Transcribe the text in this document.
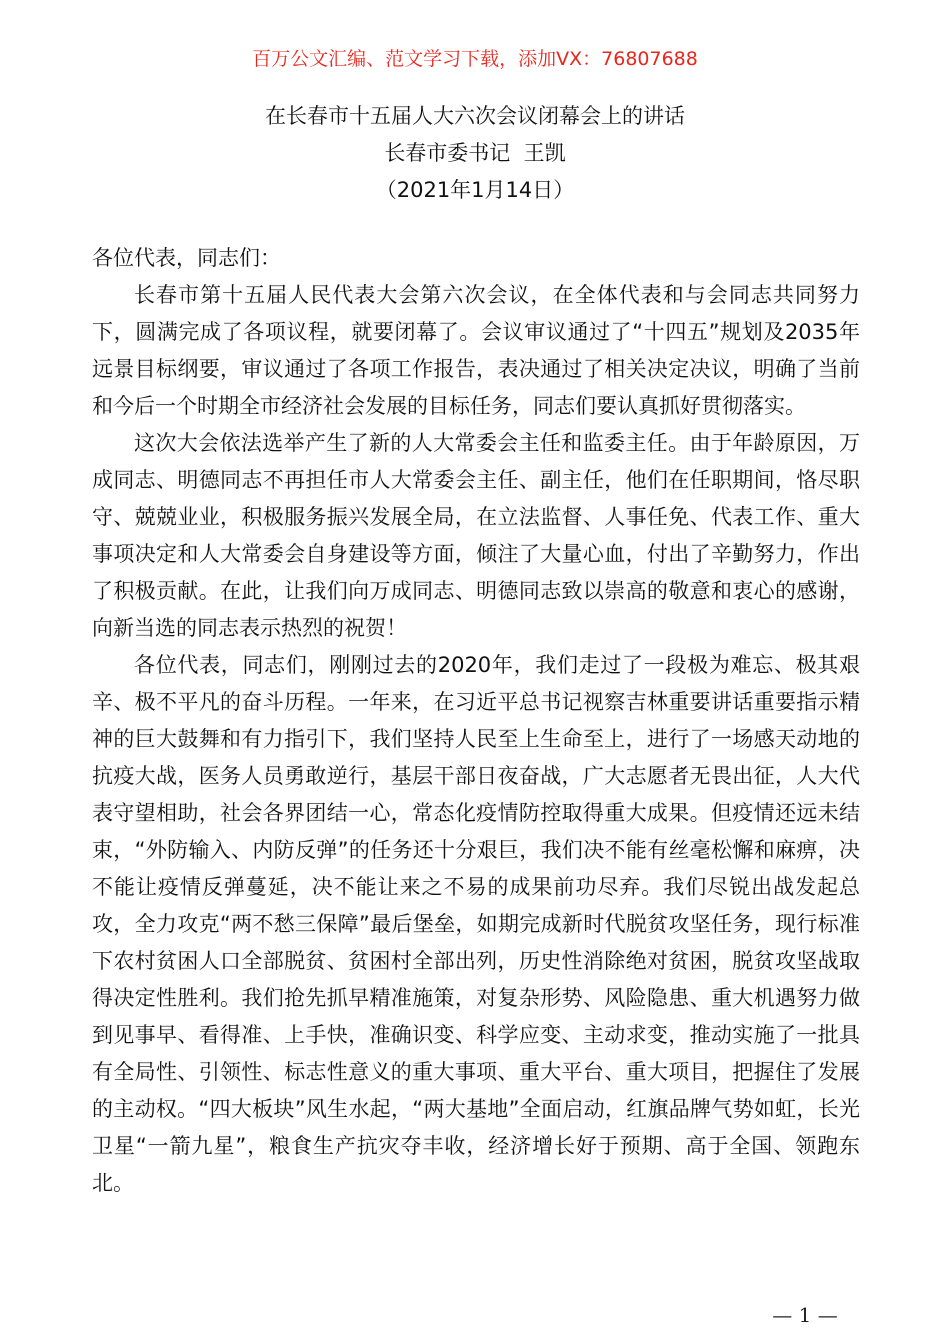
百万公文汇编、范文学习下载，添加VX：76807688
在长春市十五届人大六次会议闭幕会上的讲话
长春市委书记  王凯
（2021年1月14日）

各位代表，同志们：

长春市第十五届人民代表大会第六次会议，在全体代表和与会同志共同努力下，圆满完成了各项议程，就要闭幕了。会议审议通过了“十四五”规划及2035年远景目标纲要，审议通过了各项工作报告，表决通过了相关决定决议，明确了当前和今后一个时期全市经济社会发展的目标任务，同志们要认真抓好贯彻落实。

这次大会依法选举产生了新的人大常委会主任和监委主任。由于年龄原因，万成同志、明德同志不再担任市人大常委会主任、副主任，他们在任职期间，恪尽职守、兢兢业业，积极服务振兴发展全局，在立法监督、人事任免、代表工作、重大事项决定和人大常委会自身建设等方面，倾注了大量心血，付出了辛勤努力，作出了积极贡献。在此，让我们向万成同志、明德同志致以崇高的敬意和衷心的感谢，向新当选的同志表示热烈的祝贺！

各位代表，同志们，刚刚过去的2020年，我们走过了一段极为难忘、极其艰辛、极不平凡的奋斗历程。一年来，在习近平总书记视察吉林重要讲话重要指示精神的巨大鼓舞和有力指引下，我们坚持人民至上生命至上，进行了一场感天动地的抗疫大战，医务人员勇敢逆行，基层干部日夜奋战，广大志愿者无畏出征，人大代表守望相助，社会各界团结一心，常态化疫情防控取得重大成果。但疫情还远未结束，“外防输入、内防反弹”的任务还十分艰巨，我们决不能有丝毫松懈和麻痹，决不能让疫情反弹蔓延，决不能让来之不易的成果前功尽弃。我们尽锐出战发起总攻，全力攻克“两不愁三保障”最后堡垒，如期完成新时代脱贫攻坚任务，现行标准下农村贫困人口全部脱贫、贫困村全部出列，历史性消除绝对贫困，脱贫攻坚战取得决定性胜利。我们抢先抓早精准施策，对复杂形势、风险隐患、重大机遇努力做到见事早、看得准、上手快，准确识变、科学应变、主动求变，推动实施了一批具有全局性、引领性、标志性意义的重大事项、重大平台、重大项目，把握住了发展的主动权。“四大板块”风生水起，“两大基地”全面启动，红旗品牌气势如虹，长光卫星“一箭九星”，粮食生产抗灾夺丰收，经济增长好于预期、高于全国、领跑东北。

— 1 —
